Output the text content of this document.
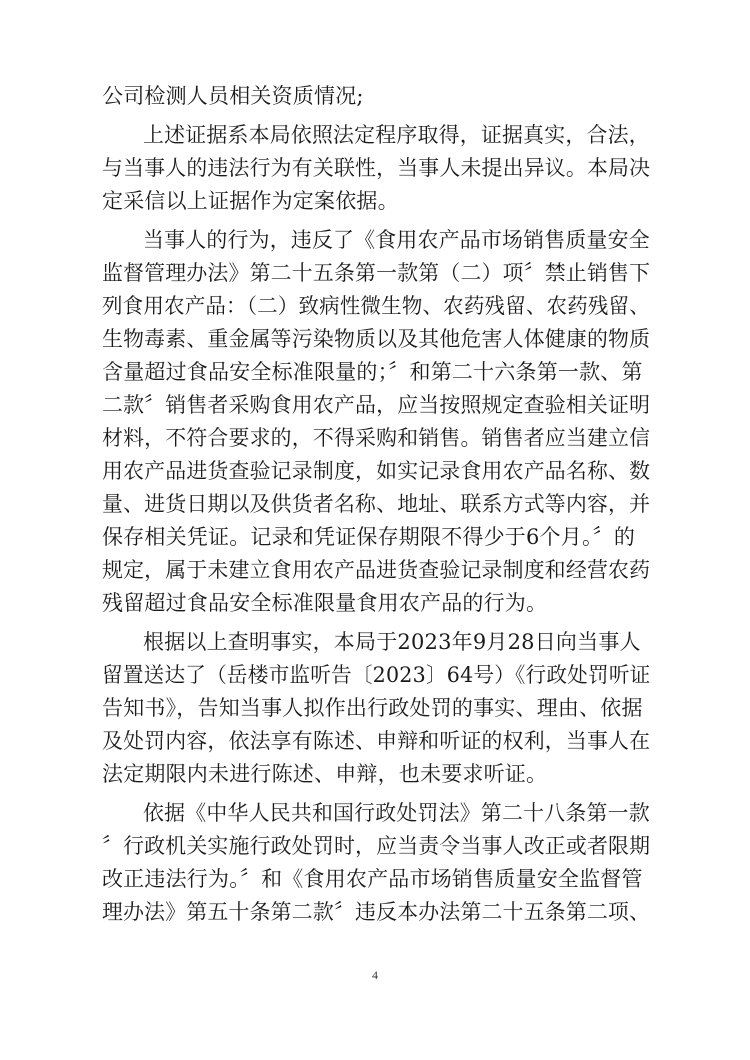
公司检测人员相关资质情况;
上述证据系本局依照法定程序取得，证据真实，合法，
与当事人的违法行为有关联性，当事人未提出异议。本局决
定采信以上证据作为定案依据。
当事人的行为，违反了《食用农产品市场销售质量安全
监督管理办法》第二十五条第一款第（二）项〞禁止销售下
列食用农产品：（二）致病性微生物、农药残留、农药残留、
生物毒素、重金属等污染物质以及其他危害人体健康的物质
含量超过食品安全标准限量的；〞和第二十六条第一款、第
二款〞销售者采购食用农产品，应当按照规定查验相关证明
材料，不符合要求的，不得采购和销售。销售者应当建立信
用农产品进货查验记录制度，如实记录食用农产品名称、数
量、进货日期以及供货者名称、地址、联系方式等内容，并
保存相关凭证。记录和凭证保存期限不得少于6个月。〞的
规定，属于未建立食用农产品进货查验记录制度和经营农药
残留超过食品安全标准限量食用农产品的行为。
根据以上查明事实，本局于2023年9月28日向当事人
留置送达了（岳楼市监听告〔2023〕64号）《行政处罚听证
告知书》，告知当事人拟作出行政处罚的事实、理由、依据
及处罚内容，依法享有陈述、申辩和听证的权利，当事人在
法定期限内未进行陈述、申辩，也未要求听证。
依据《中华人民共和国行政处罚法》第二十八条第一款
〞行政机关实施行政处罚时，应当责令当事人改正或者限期
改正违法行为。〞和《食用农产品市场销售质量安全监督管
理办法》第五十条第二款〞违反本办法第二十五条第二项、
4
